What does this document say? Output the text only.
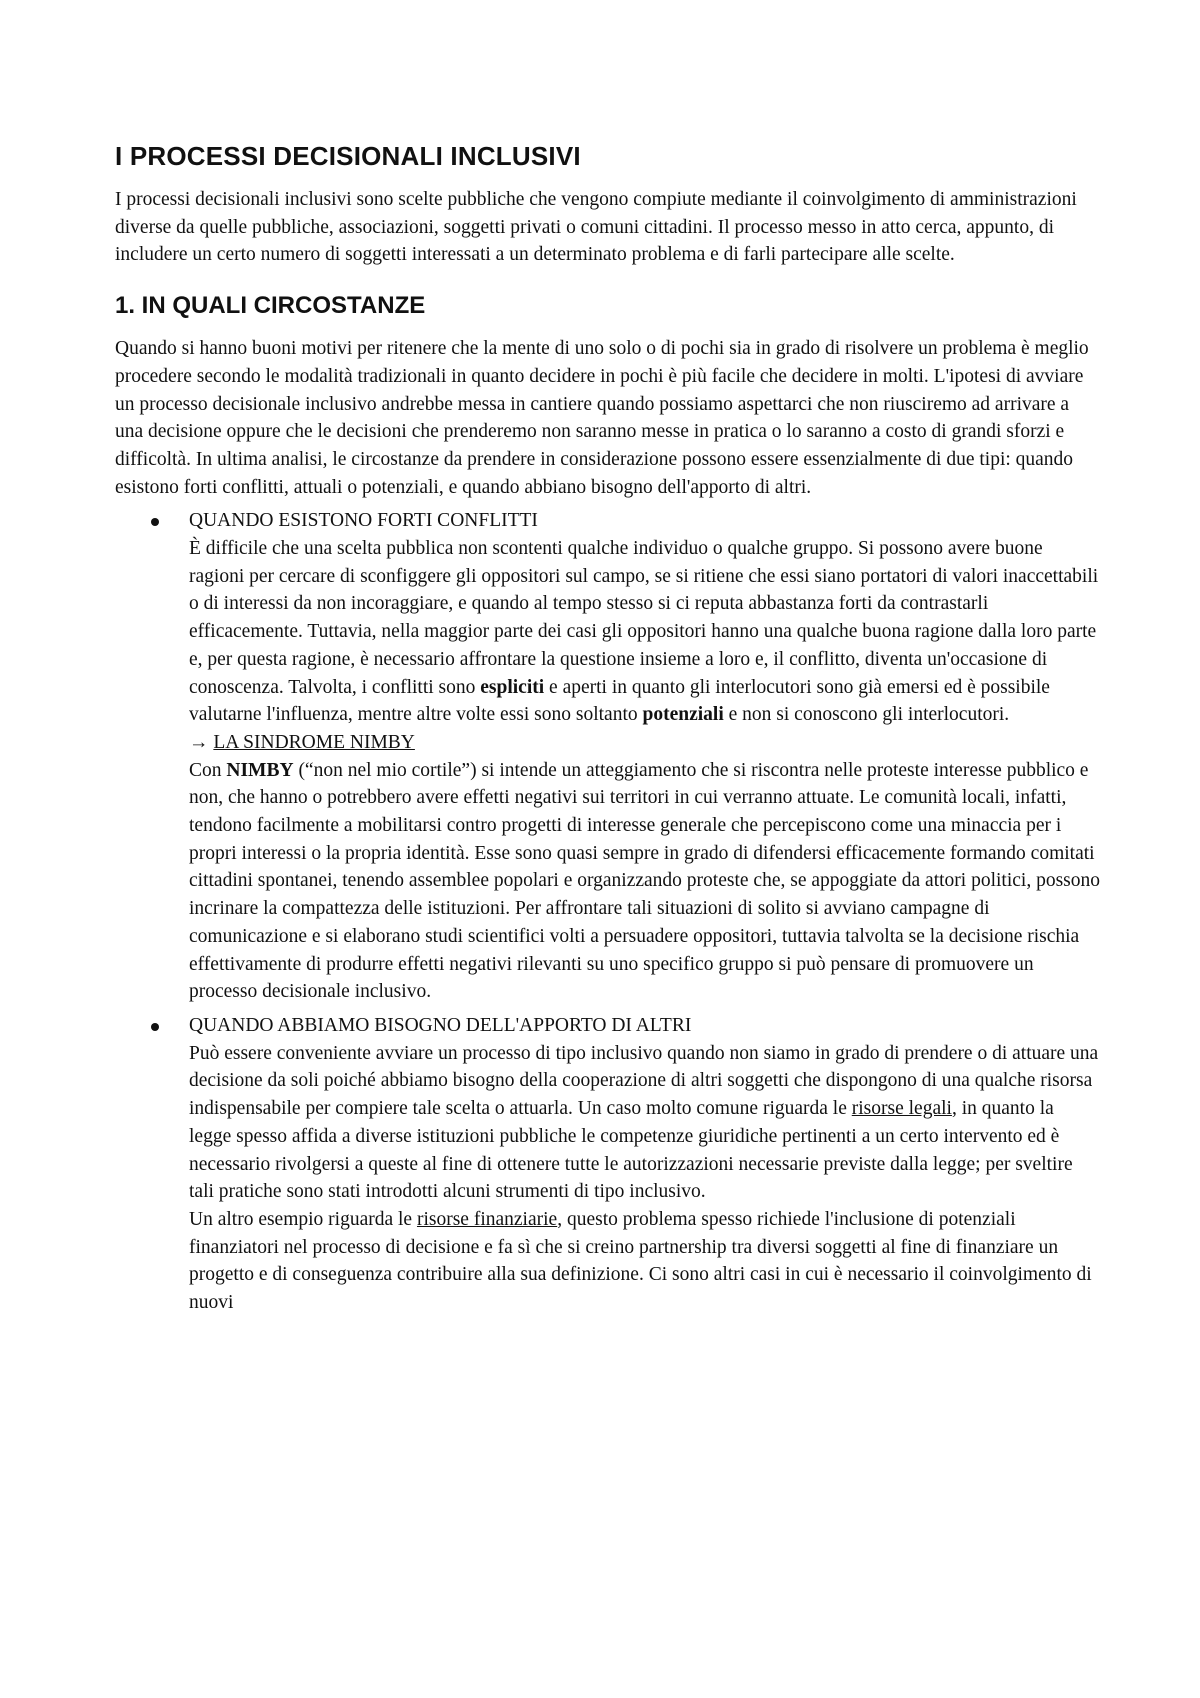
I PROCESSI DECISIONALI INCLUSIVI

I processi decisionali inclusivi sono scelte pubbliche che vengono compiute mediante il coinvolgimento di amministrazioni diverse da quelle pubbliche, associazioni, soggetti privati o comuni cittadini. Il processo messo in atto cerca, appunto, di includere un certo numero di soggetti interessati a un determinato problema e di farli partecipare alle scelte.

1. IN QUALI CIRCOSTANZE

Quando si hanno buoni motivi per ritenere che la mente di uno solo o di pochi sia in grado di risolvere un problema è meglio procedere secondo le modalità tradizionali in quanto decidere in pochi è più facile che decidere in molti. L'ipotesi di avviare un processo decisionale inclusivo andrebbe messa in cantiere quando possiamo aspettarci che non riusciremo ad arrivare a una decisione oppure che le decisioni che prenderemo non saranno messe in pratica o lo saranno a costo di grandi sforzi e difficoltà. In ultima analisi, le circostanze da prendere in considerazione possono essere essenzialmente di due tipi: quando esistono forti conflitti, attuali o potenziali, e quando abbiano bisogno dell'apporto di altri.

QUANDO ESISTONO FORTI CONFLITTI
È difficile che una scelta pubblica non scontenti qualche individuo o qualche gruppo. Si possono avere buone ragioni per cercare di sconfiggere gli oppositori sul campo, se si ritiene che essi siano portatori di valori inaccettabili o di interessi da non incoraggiare, e quando al tempo stesso si ci reputa abbastanza forti da contrastarli efficacemente. Tuttavia, nella maggior parte dei casi gli oppositori hanno una qualche buona ragione dalla loro parte e, per questa ragione, è necessario affrontare la questione insieme a loro e, il conflitto, diventa un'occasione di conoscenza. Talvolta, i conflitti sono espliciti e aperti in quanto gli interlocutori sono già emersi ed è possibile valutarne l'influenza, mentre altre volte essi sono soltanto potenziali e non si conoscono gli interlocutori.
→ LA SINDROME NIMBY
Con NIMBY (“non nel mio cortile”) si intende un atteggiamento che si riscontra nelle proteste interesse pubblico e non, che hanno o potrebbero avere effetti negativi sui territori in cui verranno attuate. Le comunità locali, infatti, tendono facilmente a mobilitarsi contro progetti di interesse generale che percepiscono come una minaccia per i propri interessi o la propria identità. Esse sono quasi sempre in grado di difendersi efficacemente formando comitati cittadini spontanei, tenendo assemblee popolari e organizzando proteste che, se appoggiate da attori politici, possono incrinare la compattezza delle istituzioni. Per affrontare tali situazioni di solito si avviano campagne di comunicazione e si elaborano studi scientifici volti a persuadere oppositori, tuttavia talvolta se la decisione rischia effettivamente di produrre effetti negativi rilevanti su uno specifico gruppo si può pensare di promuovere un processo decisionale inclusivo.
QUANDO ABBIAMO BISOGNO DELL'APPORTO DI ALTRI
Può essere conveniente avviare un processo di tipo inclusivo quando non siamo in grado di prendere o di attuare una decisione da soli poiché abbiamo bisogno della cooperazione di altri soggetti che dispongono di una qualche risorsa indispensabile per compiere tale scelta o attuarla. Un caso molto comune riguarda le risorse legali, in quanto la legge spesso affida a diverse istituzioni pubbliche le competenze giuridiche pertinenti a un certo intervento ed è necessario rivolgersi a queste al fine di ottenere tutte le autorizzazioni necessarie previste dalla legge; per sveltire tali pratiche sono stati introdotti alcuni strumenti di tipo inclusivo.
Un altro esempio riguarda le risorse finanziarie, questo problema spesso richiede l'inclusione di potenziali finanziatori nel processo di decisione e fa sì che si creino partnership tra diversi soggetti al fine di finanziare un progetto e di conseguenza contribuire alla sua definizione. Ci sono altri casi in cui è necessario il coinvolgimento di nuovi
